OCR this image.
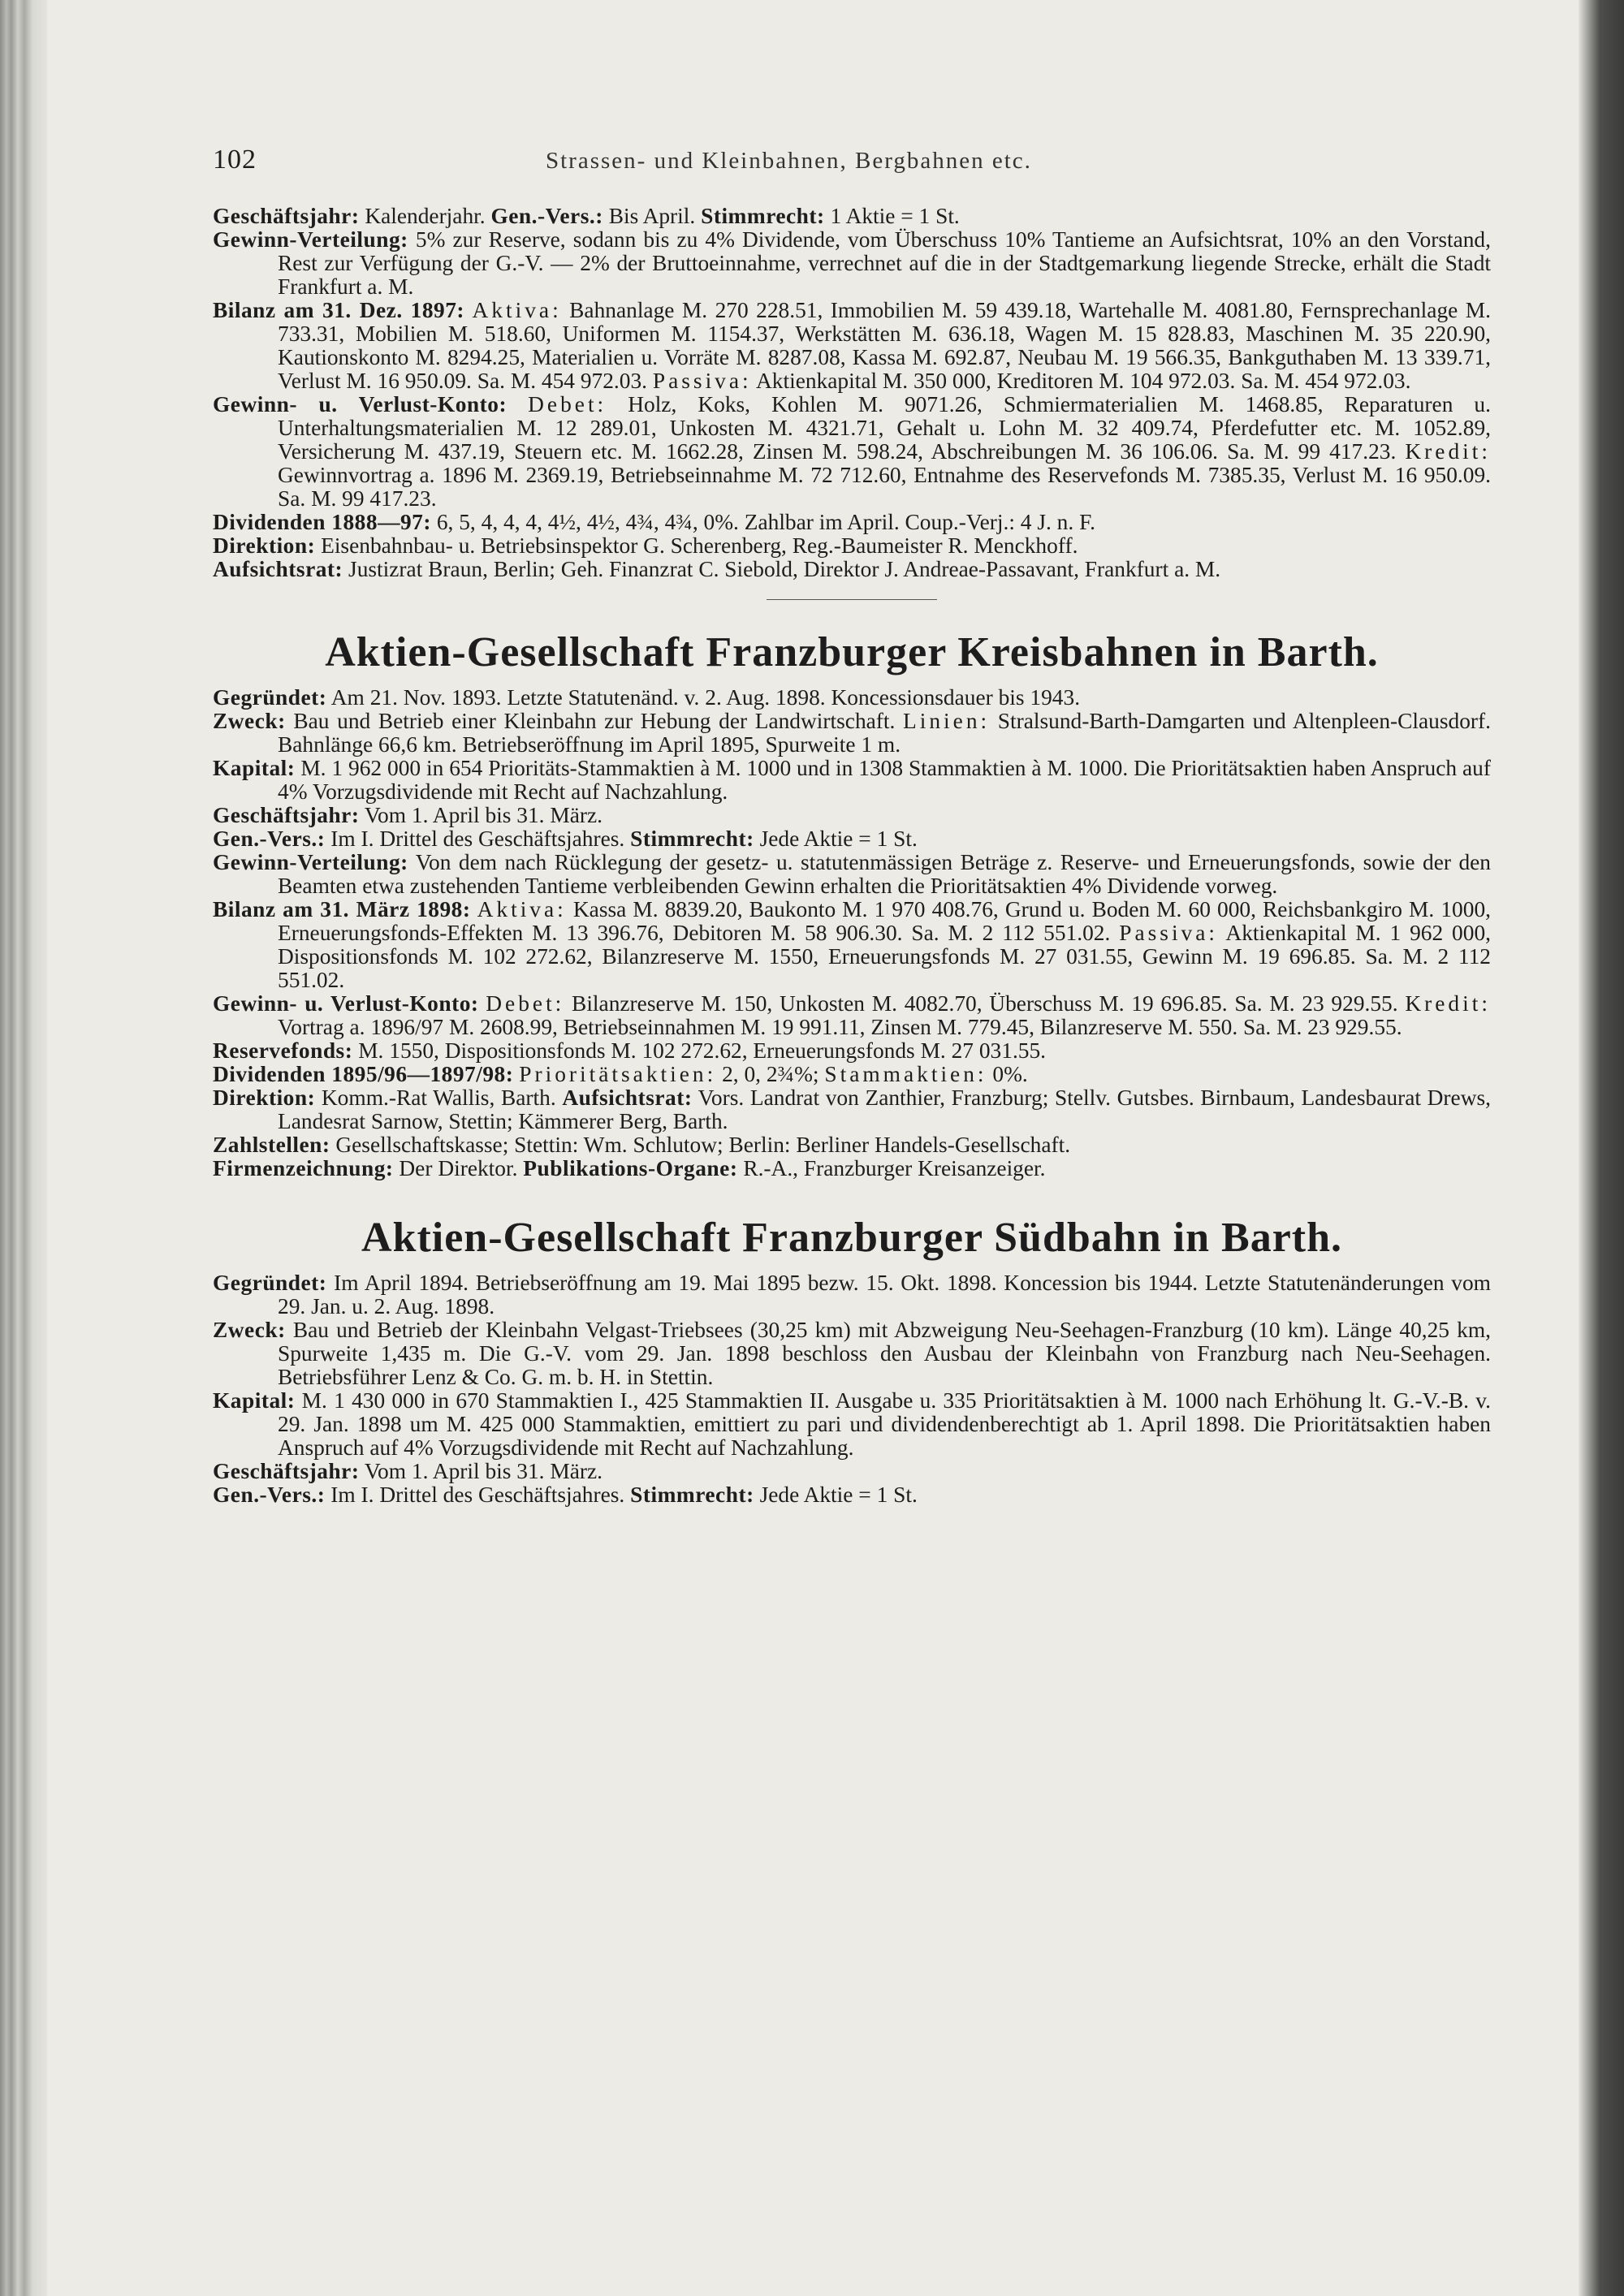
102	Strassen- und Kleinbahnen, Bergbahnen etc.

Geschäftsjahr: Kalenderjahr. Gen.-Vers.: Bis April. Stimmrecht: 1 Aktie = 1 St.

Gewinn-Verteilung: 5% zur Reserve, sodann bis zu 4% Dividende, vom Überschuss 10% Tantieme an Aufsichtsrat, 10% an den Vorstand, Rest zur Verfügung der G.-V. — 2% der Bruttoeinnahme, verrechnet auf die in der Stadtgemarkung liegende Strecke, erhält die Stadt Frankfurt a. M.

Bilanz am 31. Dez. 1897: Aktiva: Bahnanlage M. 270 228.51, Immobilien M. 59 439.18, Wartehalle M. 4081.80, Fernsprechanlage M. 733.31, Mobilien M. 518.60, Uniformen M. 1154.37, Werkstätten M. 636.18, Wagen M. 15 828.83, Maschinen M. 35 220.90, Kautionskonto M. 8294.25, Materialien u. Vorräte M. 8287.08, Kassa M. 692.87, Neubau M. 19 566.35, Bankguthaben M. 13 339.71, Verlust M. 16 950.09. Sa. M. 454 972.03. Passiva: Aktienkapital M. 350 000, Kreditoren M. 104 972.03. Sa. M. 454 972.03.

Gewinn- u. Verlust-Konto: Debet: Holz, Koks, Kohlen M. 9071.26, Schmiermaterialien M. 1468.85, Reparaturen u. Unterhaltungsmaterialien M. 12 289.01, Unkosten M. 4321.71, Gehalt u. Lohn M. 32 409.74, Pferdefutter etc. M. 1052.89, Versicherung M. 437.19, Steuern etc. M. 1662.28, Zinsen M. 598.24, Abschreibungen M. 36 106.06. Sa. M. 99 417.23. Kredit: Gewinnvortrag a. 1896 M. 2369.19, Betriebseinnahme M. 72 712.60, Entnahme des Reservefonds M. 7385.35, Verlust M. 16 950.09. Sa. M. 99 417.23.

Dividenden 1888—97: 6, 5, 4, 4, 4, 4½, 4½, 4¾, 4¾, 0%. Zahlbar im April. Coup.-Verj.: 4 J. n. F.

Direktion: Eisenbahnbau- u. Betriebsinspektor G. Scherenberg, Reg.-Baumeister R. Menckhoff.

Aufsichtsrat: Justizrat Braun, Berlin; Geh. Finanzrat C. Siebold, Direktor J. Andreae-Passavant, Frankfurt a. M.

Aktien-Gesellschaft Franzburger Kreisbahnen in Barth.

Gegründet: Am 21. Nov. 1893. Letzte Statutenänd. v. 2. Aug. 1898. Koncessionsdauer bis 1943.

Zweck: Bau und Betrieb einer Kleinbahn zur Hebung der Landwirtschaft. Linien: Stralsund-Barth-Damgarten und Altenpleen-Clausdorf. Bahnlänge 66,6 km. Betriebseröffnung im April 1895, Spurweite 1 m.

Kapital: M. 1 962 000 in 654 Prioritäts-Stammaktien à M. 1000 und in 1308 Stammaktien à M. 1000. Die Prioritätsaktien haben Anspruch auf 4% Vorzugsdividende mit Recht auf Nachzahlung.

Geschäftsjahr: Vom 1. April bis 31. März.

Gen.-Vers.: Im I. Drittel des Geschäftsjahres. Stimmrecht: Jede Aktie = 1 St.

Gewinn-Verteilung: Von dem nach Rücklegung der gesetz- u. statutenmässigen Beträge z. Reserve- und Erneuerungsfonds, sowie der den Beamten etwa zustehenden Tantieme verbleibenden Gewinn erhalten die Prioritätsaktien 4% Dividende vorweg.

Bilanz am 31. März 1898: Aktiva: Kassa M. 8839.20, Baukonto M. 1 970 408.76, Grund u. Boden M. 60 000, Reichsbankgiro M. 1000, Erneuerungsfonds-Effekten M. 13 396.76, Debitoren M. 58 906.30. Sa. M. 2 112 551.02. Passiva: Aktienkapital M. 1 962 000, Dispositionsfonds M. 102 272.62, Bilanzreserve M. 1550, Erneuerungsfonds M. 27 031.55, Gewinn M. 19 696.85. Sa. M. 2 112 551.02.

Gewinn- u. Verlust-Konto: Debet: Bilanzreserve M. 150, Unkosten M. 4082.70, Überschuss M. 19 696.85. Sa. M. 23 929.55. Kredit: Vortrag a. 1896/97 M. 2608.99, Betriebseinnahmen M. 19 991.11, Zinsen M. 779.45, Bilanzreserve M. 550. Sa. M. 23 929.55.

Reservefonds: M. 1550, Dispositionsfonds M. 102 272.62, Erneuerungsfonds M. 27 031.55.

Dividenden 1895/96—1897/98: Prioritätsaktien: 2, 0, 2¾%; Stammaktien: 0%.

Direktion: Komm.-Rat Wallis, Barth. Aufsichtsrat: Vors. Landrat von Zanthier, Franzburg; Stellv. Gutsbes. Birnbaum, Landesbaurat Drews, Landesrat Sarnow, Stettin; Kämmerer Berg, Barth.

Zahlstellen: Gesellschaftskasse; Stettin: Wm. Schlutow; Berlin: Berliner Handels-Gesellschaft.

Firmenzeichnung: Der Direktor. Publikations-Organe: R.-A., Franzburger Kreisanzeiger.

Aktien-Gesellschaft Franzburger Südbahn in Barth.

Gegründet: Im April 1894. Betriebseröffnung am 19. Mai 1895 bezw. 15. Okt. 1898. Koncession bis 1944. Letzte Statutenänderungen vom 29. Jan. u. 2. Aug. 1898.

Zweck: Bau und Betrieb der Kleinbahn Velgast-Triebsees (30,25 km) mit Abzweigung Neu-Seehagen-Franzburg (10 km). Länge 40,25 km, Spurweite 1,435 m. Die G.-V. vom 29. Jan. 1898 beschloss den Ausbau der Kleinbahn von Franzburg nach Neu-Seehagen. Betriebsführer Lenz & Co. G. m. b. H. in Stettin.

Kapital: M. 1 430 000 in 670 Stammaktien I., 425 Stammaktien II. Ausgabe u. 335 Prioritätsaktien à M. 1000 nach Erhöhung lt. G.-V.-B. v. 29. Jan. 1898 um M. 425 000 Stammaktien, emittiert zu pari und dividendenberechtigt ab 1. April 1898. Die Prioritätsaktien haben Anspruch auf 4% Vorzugsdividende mit Recht auf Nachzahlung.

Geschäftsjahr: Vom 1. April bis 31. März.

Gen.-Vers.: Im I. Drittel des Geschäftsjahres. Stimmrecht: Jede Aktie = 1 St.
